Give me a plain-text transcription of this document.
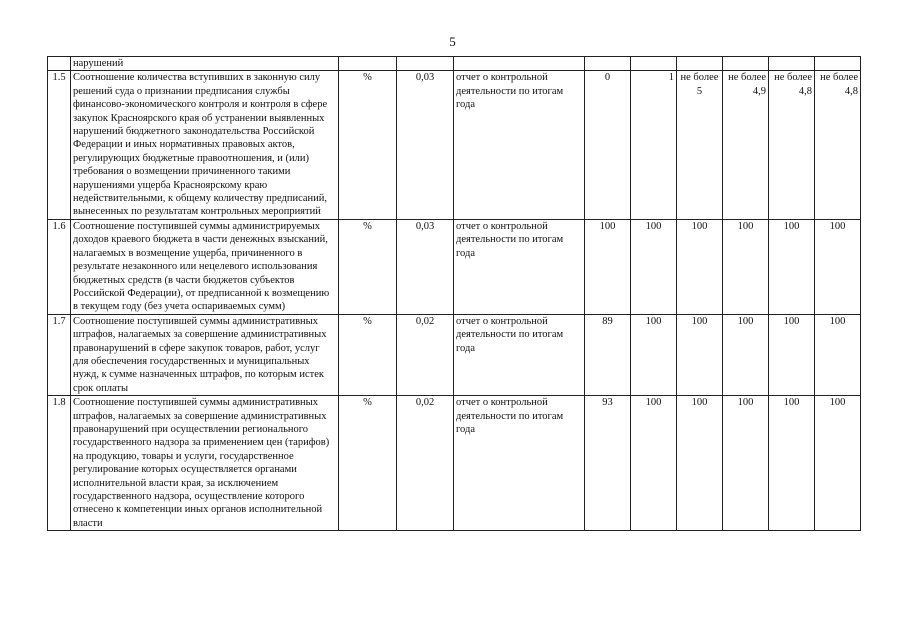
5
	нарушений									
1.5	Соотношение количества вступивших в законную силу решений суда о признании предписания службы финансово-экономического контроля и контроля в сфере закупок Красноярского края об устранении выявленных нарушений бюджетного законодательства Российской Федерации и иных нормативных правовых актов, регулирующих бюджетные правоотношения, и (или) требования о возмещении причиненного такими нарушениями ущерба Красноярскому краю недействительными, к общему количеству предписаний, вынесенных по результатам контрольных мероприятий	%	0,03	отчет о контрольной деятельности по итогам года	0	1	не более 5	не более 4,9	не более 4,8	не более 4,8
1.6	Соотношение поступившей суммы администрируемых доходов краевого бюджета в части денежных взысканий, налагаемых в возмещение ущерба, причиненного в результате незаконного или нецелевого использования бюджетных средств (в части бюджетов субъектов Российской Федерации), от предписанной к возмещению в текущем году (без учета оспариваемых сумм)	%	0,03	отчет о контрольной деятельности по итогам года	100	100	100	100	100	100
1.7	Соотношение поступившей суммы административных штрафов, налагаемых за совершение административных правонарушений в сфере закупок товаров, работ, услуг для обеспечения государственных и муниципальных нужд, к сумме назначенных штрафов, по которым истек срок оплаты	%	0,02	отчет о контрольной деятельности по итогам года	89	100	100	100	100	100
1.8	Соотношение поступившей суммы административных штрафов, налагаемых за совершение административных правонарушений при осуществлении регионального государственного надзора за применением цен (тарифов) на продукцию, товары и услуги, государственное регулирование которых осуществляется органами исполнительной власти края, за исключением государственного надзора, осуществление которого отнесено к компетенции иных органов исполнительной власти	%	0,02	отчет о контрольной деятельности по итогам года	93	100	100	100	100	100
